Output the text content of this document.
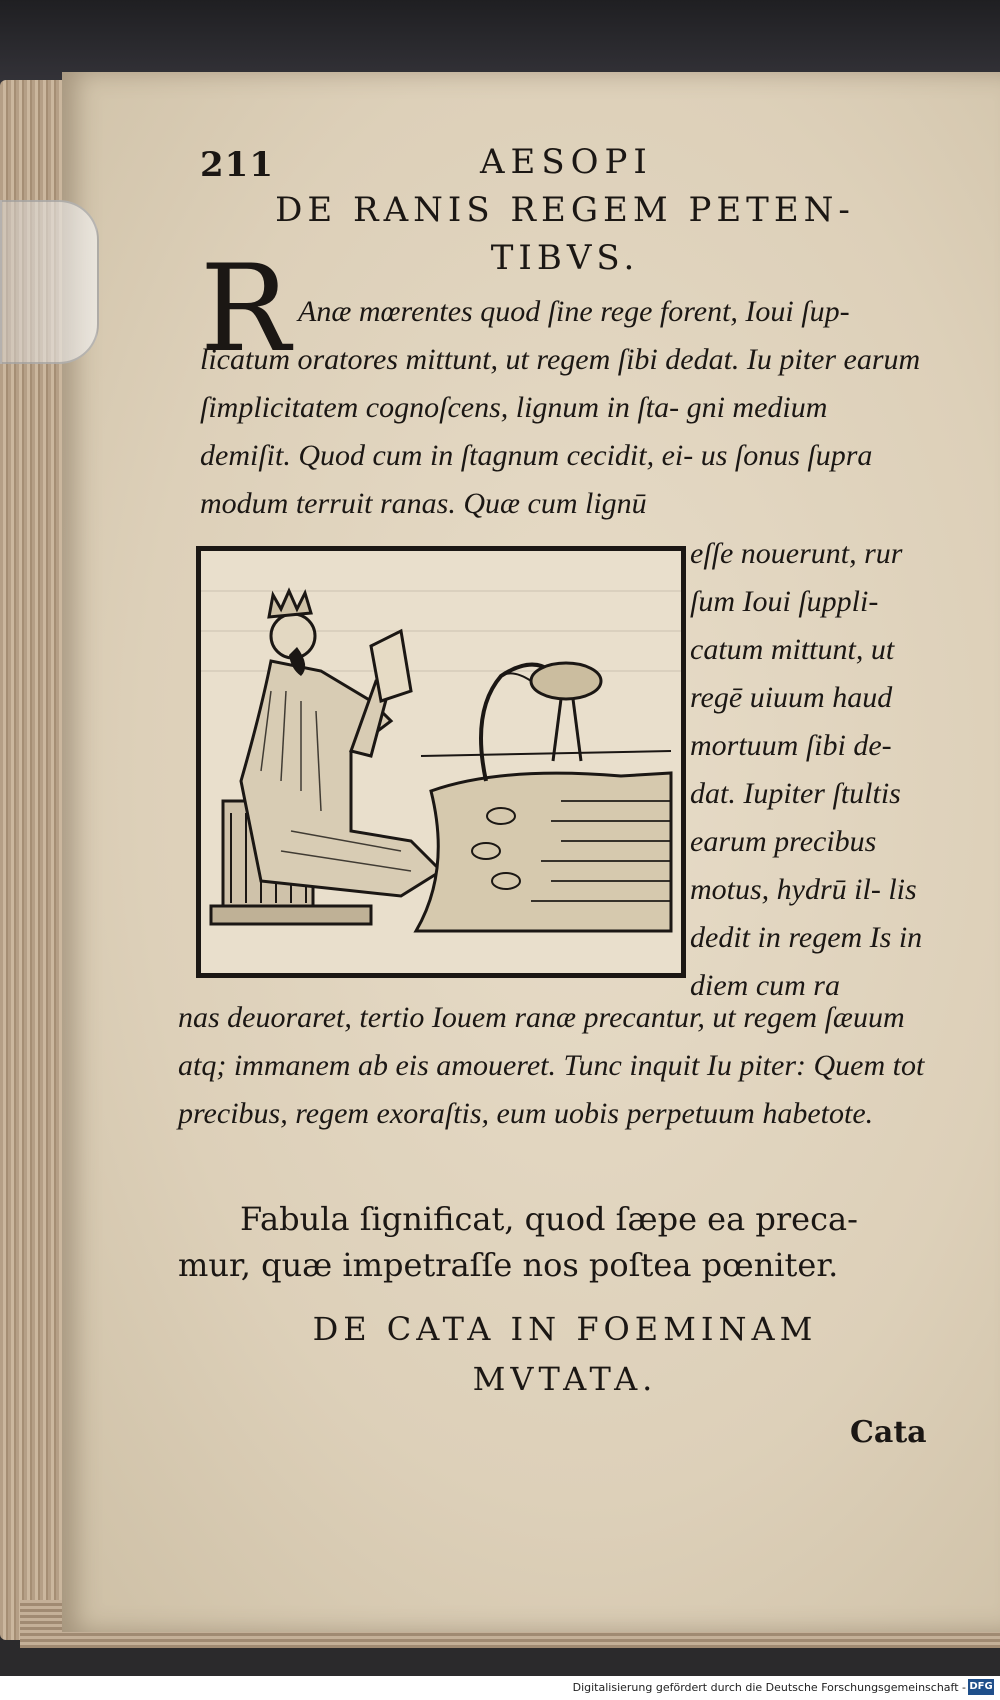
211	AESOPI
DE RANIS REGEM PETEN-
TIBVS.
R Anæ mœrentes quod ſine rege forent, Ioui ſup- licatum oratores mittunt, ut regem ſibi dedat. Iu piter earum ſimplicitatem cognoſcens, lignum in ſta- gni medium demiſit. Quod cum in ſtagnum cecidit, ei- us ſonus ſupra modum terruit ranas. Quæ cum lignū
eſſe nouerunt, rur ſum Ioui ſuppli- catum mittunt, ut regē uiuum haud mortuum ſibi de- dat. Iupiter ſtultis earum precibus motus, hydrū il- lis dedit in regem Is in diem cum ra
nas deuoraret, tertio Iouem ranæ precantur, ut regem ſæuum atq; immanem ab eis amoueret. Tunc inquit Iu piter: Quem tot precibus, regem exoraſtis, eum uobis perpetuum habetote.
Fabula ſignificat, quod ſæpe ea preca- mur, quæ impetraſſe nos poſtea pœniter.
DE CATA IN FOEMINAM
MVTATA.
Cata
Digitalisierung gefördert durch die Deutsche Forschungsgemeinschaft - DFG
